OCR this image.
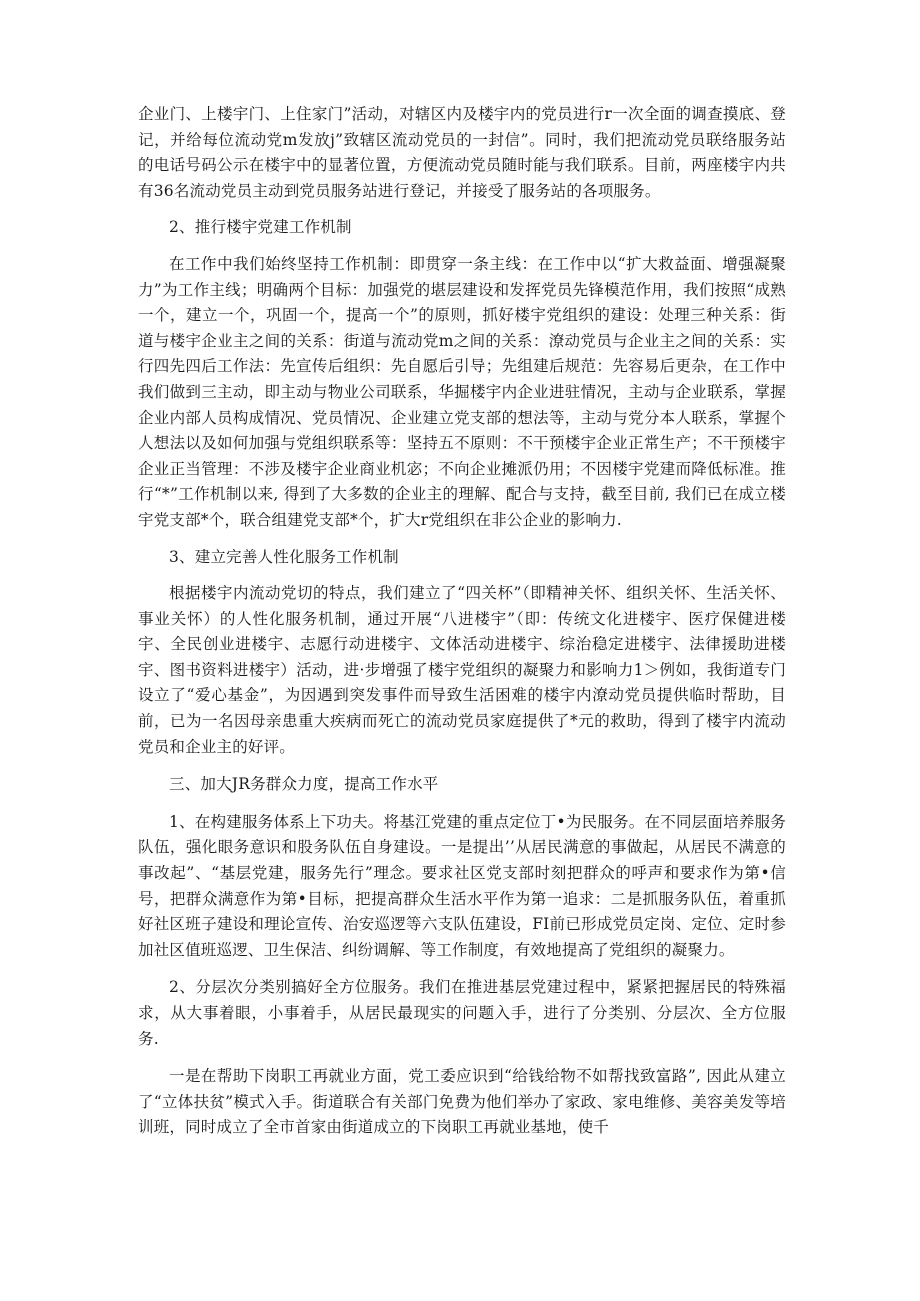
企业门、上楼宇门、上住家门”活动，对辖区内及楼宇内的党员进行r一次全面的调查摸底、登记，并给每位流动党m发放j”致辖区流动党员的一封信”。同时，我们把流动党员联络服务站的电话号码公示在楼宇中的显著位置，方便流动党员随时能与我们联系。目前，两座楼宇内共有36名流动党员主动到党员服务站进行登记，并接受了服务站的各项服务。

2、推行楼宇党建工作机制

在工作中我们始终坚持工作机制：即贯穿一条主线：在工作中以“扩大救益面、增强凝聚力”为工作主线；明确两个目标：加强党的堪层建设和发挥党员先锋模范作用，我们按照“成熟一个，建立一个，巩固一个，提高一个”的原则，抓好楼宇党组织的建设：处理三种关系：街道与楼宇企业主之间的关系：街道与流动党m之间的关系：潦动党员与企业主之间的关系：实行四先四后工作法：先宣传后组织：先自愿后引导；先组建后规范：先容易后更杂，在工作中我们做到三主动，即主动与物业公司联系，华掘楼宇内企业进驻情况，主动与企业联系，掌握企业内部人员构成情况、党员情况、企业建立党支部的想法等，主动与党分本人联系，掌握个人想法以及如何加强与党组织联系等：坚持五不原则：不干预楼宇企业正常生产；不干预楼宇企业正当管理：不涉及楼宇企业商业机宓；不向企业摊派仍用；不因楼宇党建而降低标准。推行“*”工作机制以来, 得到了大多数的企业主的理解、配合与支持，截至目前, 我们已在成立楼宇党支部*个，联合组建党支部*个，扩大r党组织在非公企业的影响力.

3、建立完善人性化服务工作机制

根据楼宇内流动党切的特点，我们建立了“四关杯”（即精神关怀、组织关怀、生活关怀、事业关怀）的人性化服务机制，通过开展“八进楼宇”（即：传统文化进楼宇、医疗保健进楼宇、全民创业进楼宇、志愿行动进楼宇、文体活动进楼宇、综治稳定进楼宇、法律援助进楼宇、图书资料进楼宇）活动，进·步增强了楼宇党组织的凝聚力和影响力1＞例如，我街道专门设立了“爱心基金”，为因遇到突发事件而导致生活困难的楼宇内潦动党员提供临时帮助，目前，已为一名因母亲患重大疾病而死亡的流动党员家庭提供了*元的救助，得到了楼宇内流动党员和企业主的好评。

三、加大JR务群众力度，提高工作水平

1、在构建服务体系上下功夫。将基江党建的重点定位丁•为民服务。在不同层面培养服务队伍，强化眼务意识和股务队伍自身建设。一是提出’’从居民满意的事做起，从居民不满意的事改起”、“基层党建，服务先行”理念。要求社区党支部时刻把群众的呼声和要求作为第•信号，把群众满意作为第•目标，把提高群众生活水平作为第一追求：二是抓服务队伍，着重抓好社区班子建设和理论宣传、治安巡逻等六支队伍建设，FI前已形成党员定岗、定位、定时参加社区值班巡逻、卫生保洁、纠纷调解、等工作制度，有效地提高了党组织的凝聚力。

2、分层次分类别搞好全方位服务。我们在推进基层党建过程中，紧紧把握居民的特殊福求，从大事着眼，小事着手，从居民最现实的问题入手，进行了分类别、分层次、全方位服务.

一是在帮助下岗职工再就业方面，党工委应识到“给钱给物不如帮找致富路”, 因此从建立了“立体扶贫”模式入手。街道联合有关部门免费为他们举办了家政、家电维修、美容美发等培训班，同时成立了全市首家由街道成立的下岗职工再就业基地，使千
